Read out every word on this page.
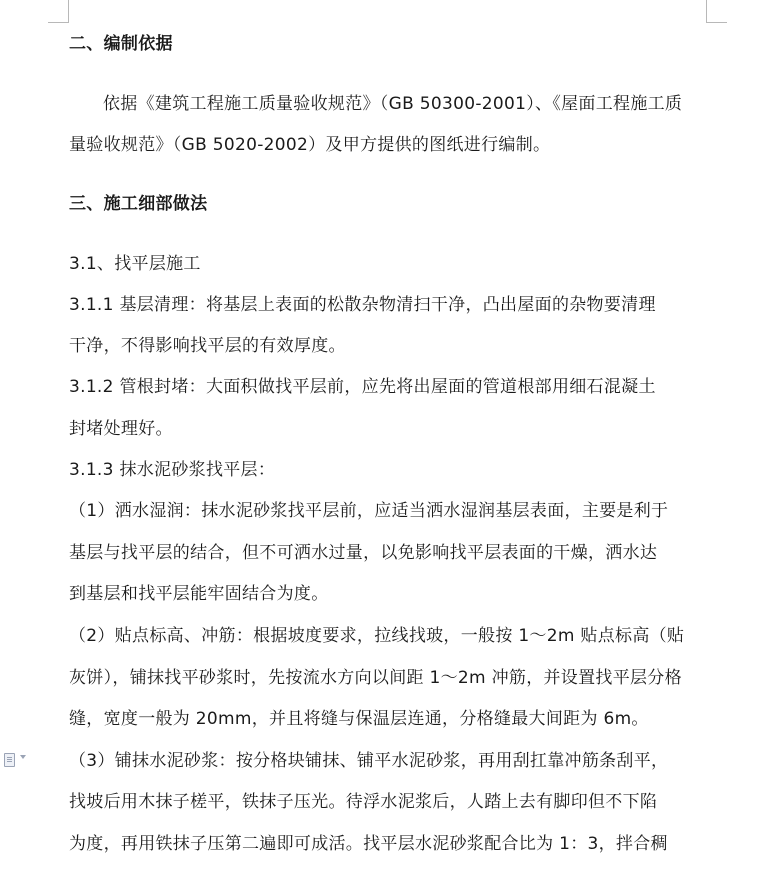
二、编制依据
依据《建筑工程施工质量验收规范》（GB 50300-2001）、《屋面工程施工质
量验收规范》（GB 5020-2002）及甲方提供的图纸进行编制。
三、施工细部做法
3.1、找平层施工
3.1.1 基层清理：将基层上表面的松散杂物清扫干净，凸出屋面的杂物要清理
干净，不得影响找平层的有效厚度。
3.1.2 管根封堵：大面积做找平层前，应先将出屋面的管道根部用细石混凝土
封堵处理好。
3.1.3 抹水泥砂浆找平层：
（1）洒水湿润：抹水泥砂浆找平层前，应适当洒水湿润基层表面，主要是利于
基层与找平层的结合，但不可洒水过量，以免影响找平层表面的干燥，洒水达
到基层和找平层能牢固结合为度。
（2）贴点标高、冲筋：根据坡度要求，拉线找玻，一般按 1～2m 贴点标高（贴
灰饼），铺抹找平砂浆时，先按流水方向以间距 1～2m 冲筋，并设置找平层分格
缝，宽度一般为 20mm，并且将缝与保温层连通，分格缝最大间距为 6m。
（3）铺抹水泥砂浆：按分格块铺抹、铺平水泥砂浆，再用刮扛靠冲筋条刮平，
找坡后用木抹子槎平，铁抹子压光。待浮水泥浆后，人踏上去有脚印但不下陷
为度，再用铁抹子压第二遍即可成活。找平层水泥砂浆配合比为 1：3，拌合稠
